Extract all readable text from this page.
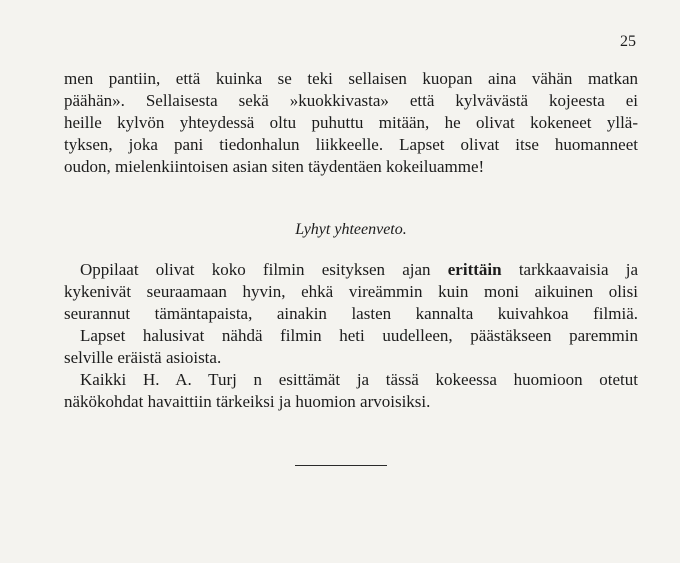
25
men pantiin, että kuinka se teki sellaisen kuopan aina vähän matkan
päähän». Sellaisesta sekä »kuokkivasta» että kylvävästä kojeesta ei
heille kylvön yhteydessä oltu puhuttu mitään, he olivat kokeneet yllä-
tyksen, joka pani tiedonhalun liikkeelle. Lapset olivat itse huomanneet
oudon, mielenkiintoisen asian siten täydentäen kokeiluamme!
Lyhyt yhteenveto.
Oppilaat olivat koko filmin esityksen ajan erittäin tarkkaavaisia ja
kykenivät seuraamaan hyvin, ehkä vireämmin kuin moni aikuinen olisi
seurannut tämäntapaista, ainakin lasten kannalta kuivahkoa filmiä.
Lapset halusivat nähdä filmin heti uudelleen, päästäkseen paremmin
selville eräistä asioista.
Kaikki H. A. Turj n esittämät ja tässä kokeessa huomioon otetut
näkökohdat havaittiin tärkeiksi ja huomion arvoisiksi.
